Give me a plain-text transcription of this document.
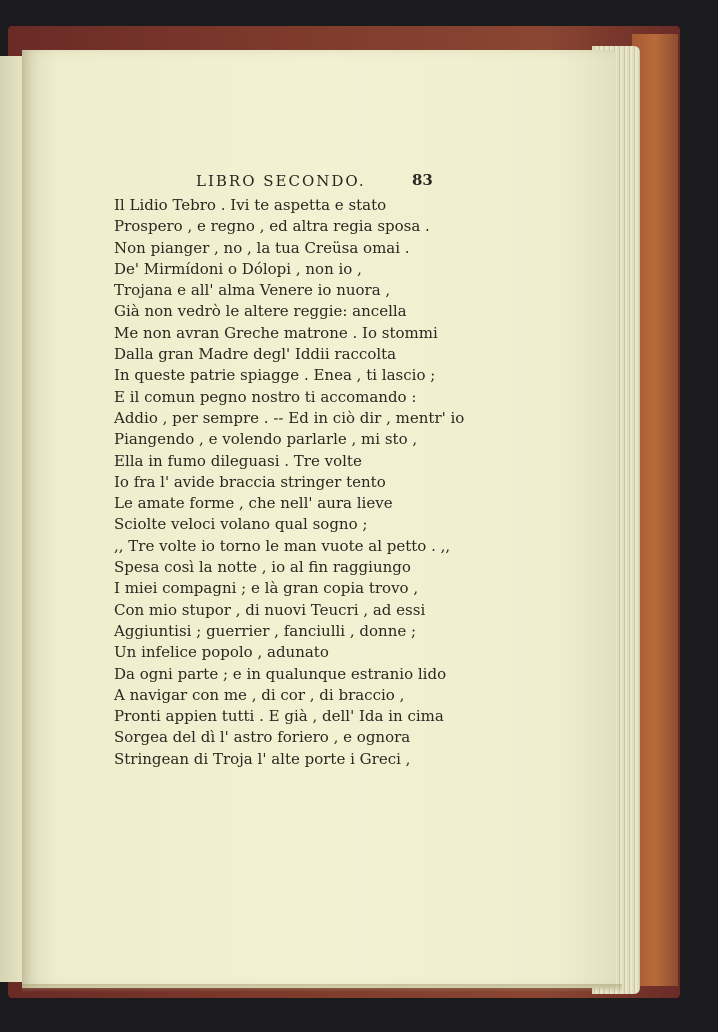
LIBRO SECONDO.	83
Il Lidio Tebro . Ivi te aspetta e stato
Prospero , e regno , ed altra regia sposa .
Non pianger , no , la tua Creüsa omai .
De' Mirmídoni o Dólopi , non io ,
Trojana e all' alma Venere io nuora ,
Già non vedrò le altere reggie: ancella
Me non avran Greche matrone . Io stommi
Dalla gran Madre degl' Iddii raccolta
In queste patrie spiagge . Enea , ti lascio ;
E il comun pegno nostro ti accomando :
Addio , per sempre . -- Ed in ciò dir , mentr' io
Piangendo , e volendo parlarle , mi sto ,
Ella in fumo dileguasi . Tre volte
Io fra l' avide braccia stringer tento
Le amate forme , che nell' aura lieve
Sciolte veloci volano qual sogno ;
,, Tre volte io torno le man vuote al petto . ,,
Spesa così la notte , io al fin raggiungo
I miei compagni ; e là gran copia trovo ,
Con mio stupor , di nuovi Teucri , ad essi
Aggiuntisi ; guerrier , fanciulli , donne ;
Un infelice popolo , adunato
Da ogni parte ; e in qualunque estranio lido
A navigar con me , di cor , di braccio ,
Pronti appien tutti . E già , dell' Ida in cima
Sorgea del dì l' astro foriero , e ognora
Stringean di Troja l' alte porte i Greci ,
